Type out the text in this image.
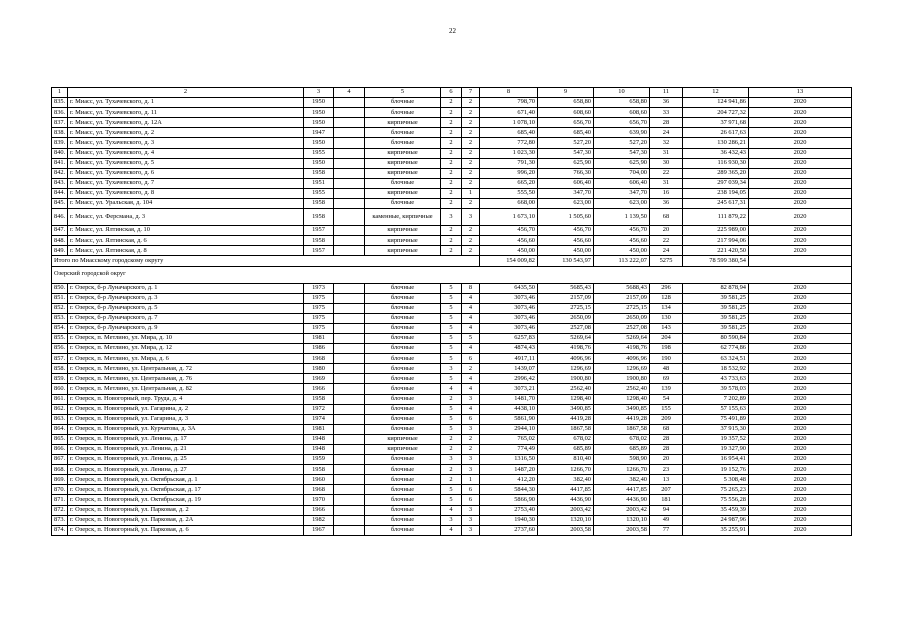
22
1	2	3	4	5	6	7	8	9	10	11	12	13
835.	г. Миасс, ул. Тухачевского, д. 1	1950		блочные	2	2	798,70	658,80	658,80	36	124 941,86	2020
836.	г. Миасс, ул. Тухачевского, д. 11	1950		блочные	2	2	671,40	608,60	608,60	33	204 727,32	2020
837.	г. Миасс, ул. Тухачевского, д. 12А	1950		кирпичные	2	2	1 078,10	656,70	656,70	28	37 971,68	2020
838.	г. Миасс, ул. Тухачевского, д. 2	1947		блочные	2	2	685,40	685,40	639,90	24	26 617,63	2020
839.	г. Миасс, ул. Тухачевского, д. 3	1950		блочные	2	2	772,80	527,20	527,20	32	130 286,21	2020
840.	г. Миасс, ул. Тухачевского, д. 4	1955		кирпичные	2	2	1 023,30	547,30	547,30	31	36 432,43	2020
841.	г. Миасс, ул. Тухачевского, д. 5	1950		кирпичные	2	2	791,30	625,90	625,90	30	116 930,30	2020
842.	г. Миасс, ул. Тухачевского, д. 6	1958		кирпичные	2	2	996,20	766,30	704,00	22	289 365,20	2020
843.	г. Миасс, ул. Тухачевского, д. 7	1951		блочные	2	2	665,20	606,40	606,40	31	297 039,34	2020
844.	г. Миасс, ул. Тухачевского, д. 8	1955		кирпичные	2	1	555,50	347,70	347,70	16	238 194,05	2020
845.	г. Миасс, ул. Уральская, д. 104	1958		блочные	2	2	668,00	623,00	623,00	36	245 617,31	2020
846.	г. Миасс, ул. Ферсмана, д. 3	1958		каменные, кирпичные	3	3	1 673,10	1 505,60	1 139,50	68	111 879,22	2020
847.	г. Миасс, ул. Ялтинская, д. 10	1957		кирпичные	2	2	456,70	456,70	456,70	20	225 989,00	2020
848.	г. Миасс, ул. Ялтинская, д. 6	1958		кирпичные	2	2	456,60	456,60	456,60	22	217 994,06	2020
849.	г. Миасс, ул. Ялтинская, д. 8	1957		кирпичные	2	2	450,00	450,00	450,00	24	221 420,50	2020
Итого по Миасскому городскому округу							154 009,82	130 543,97	113 222,07	5275	78 599 380,54	
Озерский городской округ												
850.	г. Озерск, б-р Луначарского, д. 1	1973		блочные	5	8	6435,50	5685,43	5688,43	296	82 878,94	2020
851.	г. Озерск, б-р Луначарского, д. 3	1975		блочные	5	4	3073,46	2157,09	2157,09	128	39 581,25	2020
852.	г. Озерск, б-р Луначарского, д. 5	1975		блочные	5	4	3073,46	2725,15	2725,15	134	39 581,25	2020
853.	г. Озерск, б-р Луначарского, д. 7	1975		блочные	5	4	3073,46	2650,09	2650,09	130	39 581,25	2020
854.	г. Озерск, б-р Луначарского, д. 9	1975		блочные	5	4	3073,46	2527,08	2527,08	143	39 581,25	2020
855.	г. Озерск, п. Метлино, ул. Мира, д. 10	1981		блочные	5	5	6257,83	5269,64	5269,64	204	80 590,84	2020
856.	г. Озерск, п. Метлино, ул. Мира, д. 12	1986		блочные	5	4	4874,43	4198,76	4198,76	198	62 774,86	2020
857.	г. Озерск, п. Метлино, ул. Мира, д. 6	1968		блочные	5	6	4917,11	4096,96	4096,96	190	63 324,51	2020
858.	г. Озерск, п. Метлино, ул. Центральная, д. 72	1980		блочные	3	2	1439,07	1296,69	1296,69	48	18 532,92	2020
859.	г. Озерск, п. Метлино, ул. Центральная, д. 76	1969		блочные	5	4	2996,42	1900,80	1900,80	69	43 733,63	2020
860.	г. Озерск, п. Метлино, ул. Центральная, д. 82	1966		блочные	4	4	3073,21	2562,40	2562,40	139	39 578,03	2020
861.	г. Озерск, п. Новогорный, пер. Труда, д. 4	1958		блочные	2	3	1481,70	1298,40	1298,40	54	7 202,89	2020
862.	г. Озерск, п. Новогорный, ул. Гагарина, д. 2	1972		блочные	5	4	4438,10	3490,85	3490,85	155	57 155,63	2020
863.	г. Озерск, п. Новогорный, ул. Гагарина, д. 3	1974		блочные	5	6	5861,90	4419,28	4419,28	209	75 491,89	2020
864.	г. Озерск, п. Новогорный, ул. Курчатова, д. 3А	1981		блочные	5	3	2944,10	1867,58	1867,58	68	37 915,30	2020
865.	г. Озерск, п. Новогорный, ул. Ленина, д. 17	1948		кирпичные	2	2	765,02	678,02	678,02	28	19 357,52	2020
866.	г. Озерск, п. Новогорный, ул. Ленина, д. 21	1948		кирпичные	2	2	774,49	685,89	685,89	28	19 327,90	2020
867.	г. Озерск, п. Новогорный, ул. Ленина, д. 25	1959		блочные	3	3	1316,50	810,40	598,90	20	16 954,41	2020
868.	г. Озерск, п. Новогорный, ул. Ленина, д. 27	1958		блочные	2	3	1487,20	1266,70	1266,70	23	19 152,76	2020
869.	г. Озерск, п. Новогорный, ул. Октябрьская, д. 1	1960		блочные	2	1	412,20	382,40	382,40	13	5 308,48	2020
870.	г. Озерск, п. Новогорный, ул. Октябрьская, д. 17	1968		блочные	5	6	5844,30	4417,85	4417,85	207	75 265,23	2020
871.	г. Озерск, п. Новогорный, ул. Октябрьская, д. 19	1970		блочные	5	6	5866,90	4436,90	4436,90	181	75 556,28	2020
872.	г. Озерск, п. Новогорный, ул. Парковая, д. 2	1966		блочные	4	3	2753,40	2003,42	2003,42	94	35 459,39	2020
873.	г. Озерск, п. Новогорный, ул. Парковая, д. 2А	1982		блочные	3	3	1940,30	1320,10	1320,10	49	24 987,96	2020
874.	г. Озерск, п. Новогорный, ул. Парковая, д. 6	1967		блочные	4	3	2737,60	2003,58	2003,58	77	35 255,91	2020
